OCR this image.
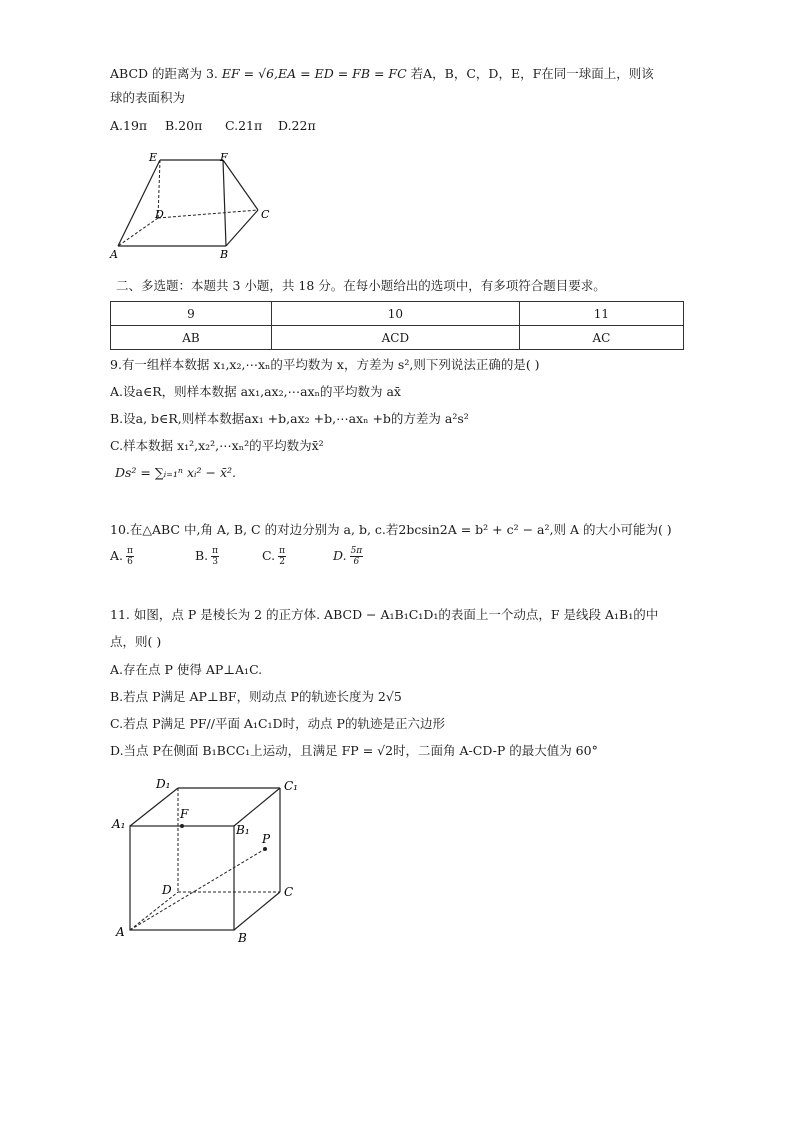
ABCD 的距离为 3. EF = √6,EA = ED = FB = FC 若A，B，C，D，E，F在同一球面上，则该
球的表面积为
A.19π B.20π C.21π D.22π
E	F
D	C
A	B
二、多选题：本题共 3 小题，共 18 分。在每小题给出的选项中，有多项符合题目要求。
9	10	11
AB	ACD	AC
9.有一组样本数据 x₁,x₂,⋯xₙ的平均数为 x，方差为 s²,则下列说法正确的是( )
A.设a∈R，则样本数据 ax₁,ax₂,⋯axₙ的平均数为 ax̄
B.设a, b∈R,则样本数据ax₁ +b,ax₂ +b,⋯axₙ +b的方差为 a²s²
C.样本数据 x₁²,x₂²,⋯xₙ²的平均数为x̄²
Ds² = ∑ᵢ₌₁ⁿ xᵢ² − x̄².
10.在△ABC 中,角 A, B, C 的对边分别为 a, b, c.若2bcsin2A = b² + c² − a²,则 A 的大小可能为( )
A. $\frac{\pi}{6}$	B. $\frac{\pi}{3}$	C. $\frac{\pi}{2}$	D. $\frac{5\pi}{6}$
11. 如图，点 P 是棱长为 2 的正方体. ABCD − A₁B₁C₁D₁的表面上一个动点，F 是线段 A₁B₁的中
点，则( )
A.存在点 P 使得 AP⊥A₁C.
B.若点 P满足 AP⊥BF，则动点 P的轨迹长度为 2√5
C.若点 P满足 PF//平面 A₁C₁D时，动点 P的轨迹是正六边形
D.当点 P在侧面 B₁BCC₁上运动，且满足 FP = √2时，二面角 A-CD-P 的最大值为 60°
D₁	C₁
A₁
F
B₁
P
D	C
A	B
